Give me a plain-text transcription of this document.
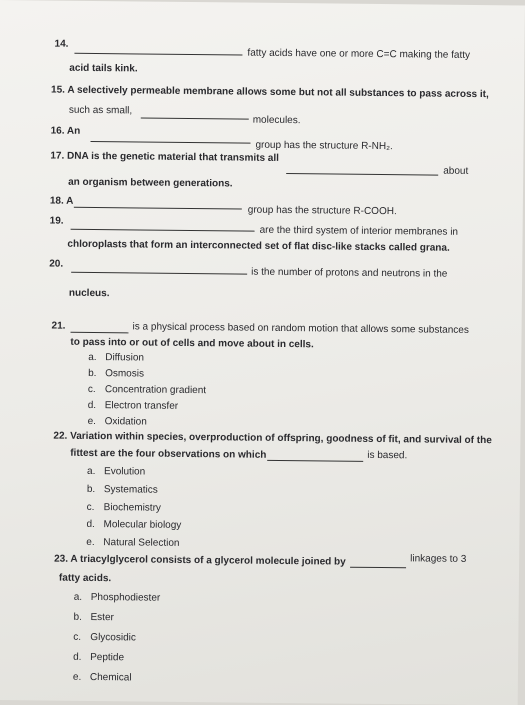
14.
fatty acids have one or more C=C making the fatty
acid tails kink.
15. A selectively permeable membrane allows some but not all substances to pass across it,
such as small,
molecules.
16. An
group has the structure R-NH₂.
17. DNA is the genetic material that transmits all
about
an organism between generations.
18. A
group has the structure R-COOH.
19.
are the third system of interior membranes in
chloroplasts that form an interconnected set of flat disc-like stacks called grana.
20.
is the number of protons and neutrons in the
nucleus.
21.	is a physical process based on random motion that allows some substances
to pass into or out of cells and move about in cells.
a. Diffusion
b. Osmosis
c. Concentration gradient
d. Electron transfer
e. Oxidation
22. Variation within species, overproduction of offspring, goodness of fit, and survival of the
fittest are the four observations on which	is based.
a. Evolution
b. Systematics
c. Biochemistry
d. Molecular biology
e. Natural Selection
23. A triacylglycerol consists of a glycerol molecule joined by	linkages to 3
fatty acids.
a. Phosphodiester
b. Ester
c. Glycosidic
d. Peptide
e. Chemical
